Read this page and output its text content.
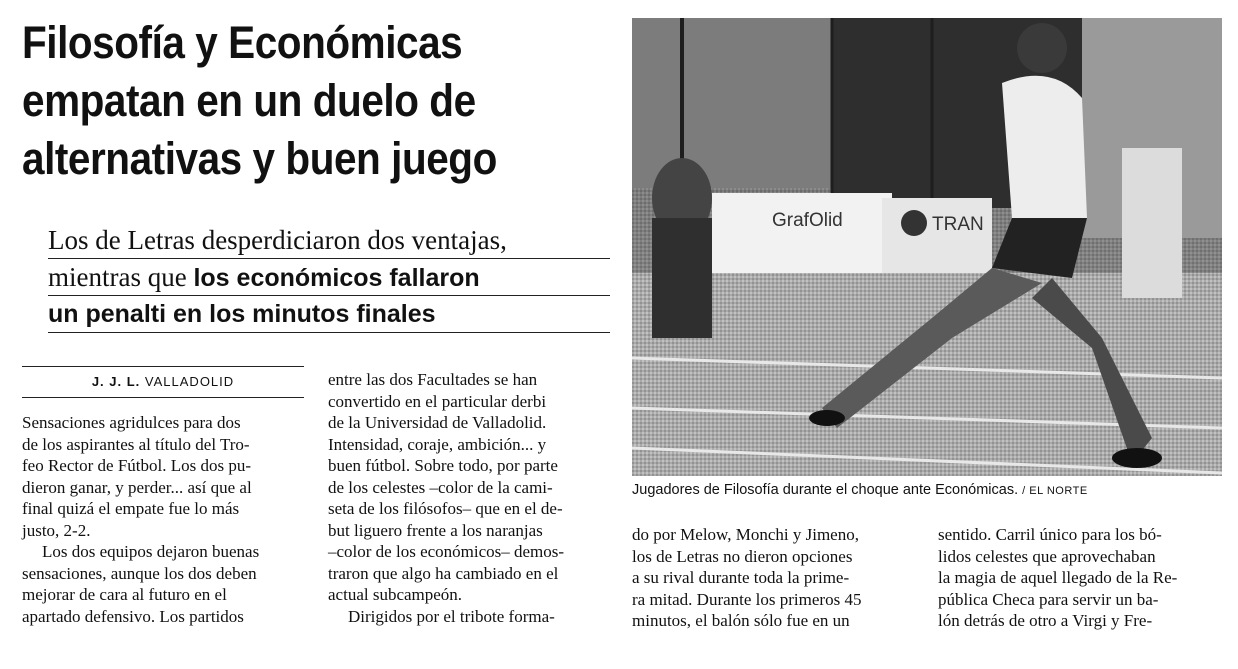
Filosofía y Económicas
empatan en un duelo de
alternativas y buen juego
Los de Letras desperdiciaron dos ventajas,
mientras que los económicos fallaron
un penalti en los minutos finales
J. J. L. VALLADOLID
Sensaciones agridulces para dos
de los aspirantes al título del Tro-
feo Rector de Fútbol. Los dos pu-
dieron ganar, y perder... así que al
final quizá el empate fue lo más
justo, 2-2.
Los dos equipos dejaron buenas
sensaciones, aunque los dos deben
mejorar de cara al futuro en el
apartado defensivo. Los partidos
entre las dos Facultades se han
convertido en el particular derbi
de la Universidad de Valladolid.
Intensidad, coraje, ambición... y
buen fútbol. Sobre todo, por parte
de los celestes –color de la cami-
seta de los filósofos– que en el de-
but liguero frente a los naranjas
–color de los económicos– demos-
traron que algo ha cambiado en el
actual subcampeón.
Dirigidos por el tribote forma-
GrafOlid	TRAN
Jugadores de Filosofía durante el choque ante Económicas. / EL NORTE
do por Melow, Monchi y Jimeno,
los de Letras no dieron opciones
a su rival durante toda la prime-
ra mitad. Durante los primeros 45
minutos, el balón sólo fue en un
sentido. Carril único para los bó-
lidos celestes que aprovechaban
la magia de aquel llegado de la Re-
pública Checa para servir un ba-
lón detrás de otro a Virgi y Fre-
